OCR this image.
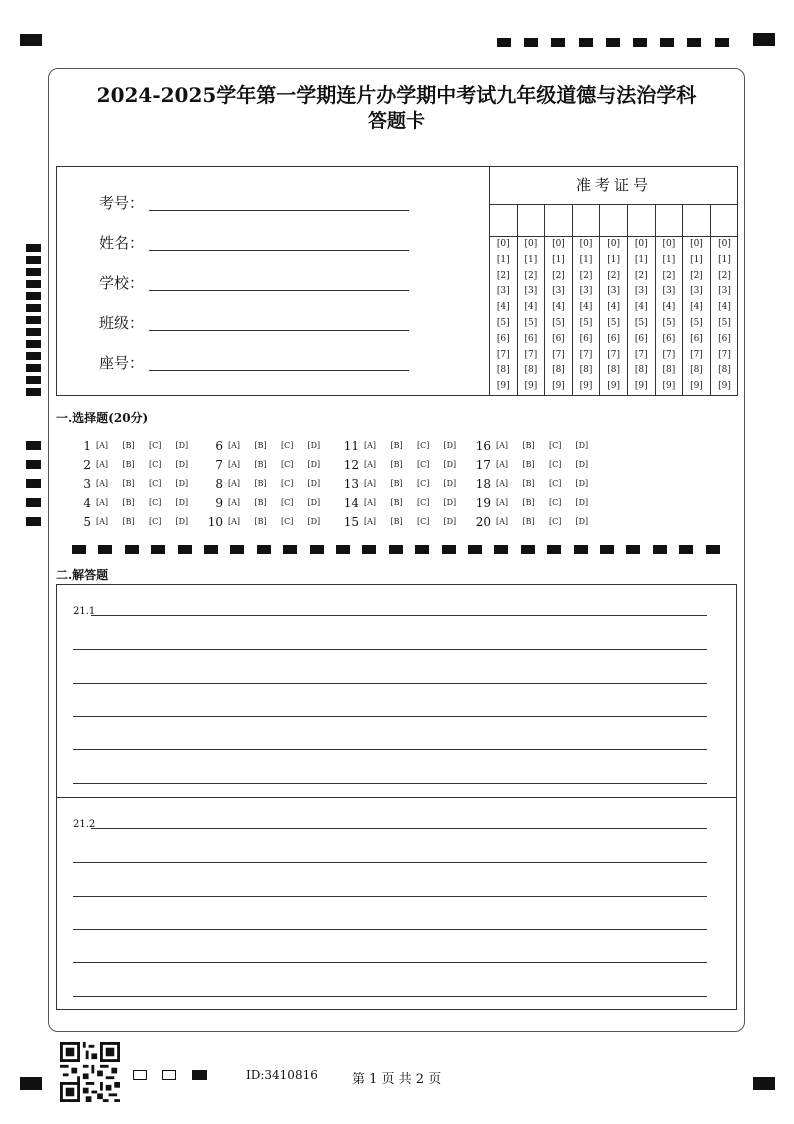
2024-2025学年第一学期连片办学期中考试九年级道德与法治学科
答题卡
考号：
姓名：
学校：
班级：
座号：
准考证号
[0]
[1]
[2]
[3]
[4]
[5]
[6]
[7]
[8]
[9]
[0]
[1]
[2]
[3]
[4]
[5]
[6]
[7]
[8]
[9]
[0]
[1]
[2]
[3]
[4]
[5]
[6]
[7]
[8]
[9]
[0]
[1]
[2]
[3]
[4]
[5]
[6]
[7]
[8]
[9]
[0]
[1]
[2]
[3]
[4]
[5]
[6]
[7]
[8]
[9]
[0]
[1]
[2]
[3]
[4]
[5]
[6]
[7]
[8]
[9]
[0]
[1]
[2]
[3]
[4]
[5]
[6]
[7]
[8]
[9]
[0]
[1]
[2]
[3]
[4]
[5]
[6]
[7]
[8]
[9]
[0]
[1]
[2]
[3]
[4]
[5]
[6]
[7]
[8]
[9]
一.选择题(20分)
1 [A] [B] [C] [D]
2 [A] [B] [C] [D]
3 [A] [B] [C] [D]
4 [A] [B] [C] [D]
5 [A] [B] [C] [D]
6 [A] [B] [C] [D]
7 [A] [B] [C] [D]
8 [A] [B] [C] [D]
9 [A] [B] [C] [D]
10 [A] [B] [C] [D]
11 [A] [B] [C] [D]
12 [A] [B] [C] [D]
13 [A] [B] [C] [D]
14 [A] [B] [C] [D]
15 [A] [B] [C] [D]
16 [A] [B] [C] [D]
17 [A] [B] [C] [D]
18 [A] [B] [C] [D]
19 [A] [B] [C] [D]
20 [A] [B] [C] [D]
二.解答题
21.1
21.2
ID:3410816	第 1 页 共 2 页
